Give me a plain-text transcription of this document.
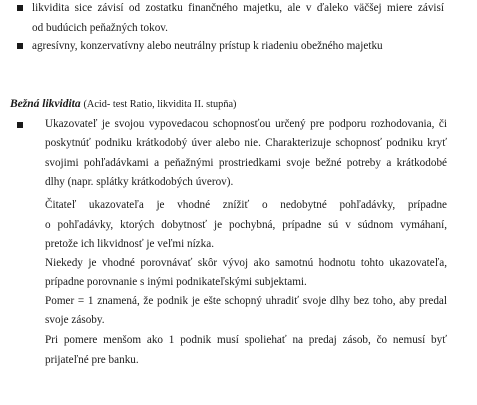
likvidita sice závisí od zostatku finančného majetku, ale v ďaleko väčšej miere závisí
od budúcich peňažných tokov.
agresívny, konzervatívny alebo neutrálny prístup k riadeniu obežného majetku
Bežná likvidita (Acid- test Ratio, likvidita II. stupňa)
Ukazovateľ je svojou vypovedacou schopnosťou určený pre podporu rozhodovania, či
poskytnúť podniku krátkodobý úver alebo nie. Charakterizuje schopnosť podniku kryť
svojimi pohľadávkami a peňažnými prostriedkami svoje bežné potreby a krátkodobé
dlhy (napr. splátky krátkodobých úverov).
Čitateľ ukazovateľa je vhodné znížiť o nedobytné pohľadávky, prípadne
o pohľadávky, ktorých dobytnosť je pochybná, prípadne sú v súdnom vymáhaní,
pretože ich likvidnosť je veľmi nízka.
Niekedy je vhodné porovnávať skôr vývoj ako samotnú hodnotu tohto ukazovateľa,
prípadne porovnanie s inými podnikateľskými subjektami.
Pomer = 1 znamená, že podnik je ešte schopný uhradiť svoje dlhy bez toho, aby predal
svoje zásoby.
Pri pomere menšom ako 1 podnik musí spoliehať na predaj zásob, čo nemusí byť
prijateľné pre banku.
